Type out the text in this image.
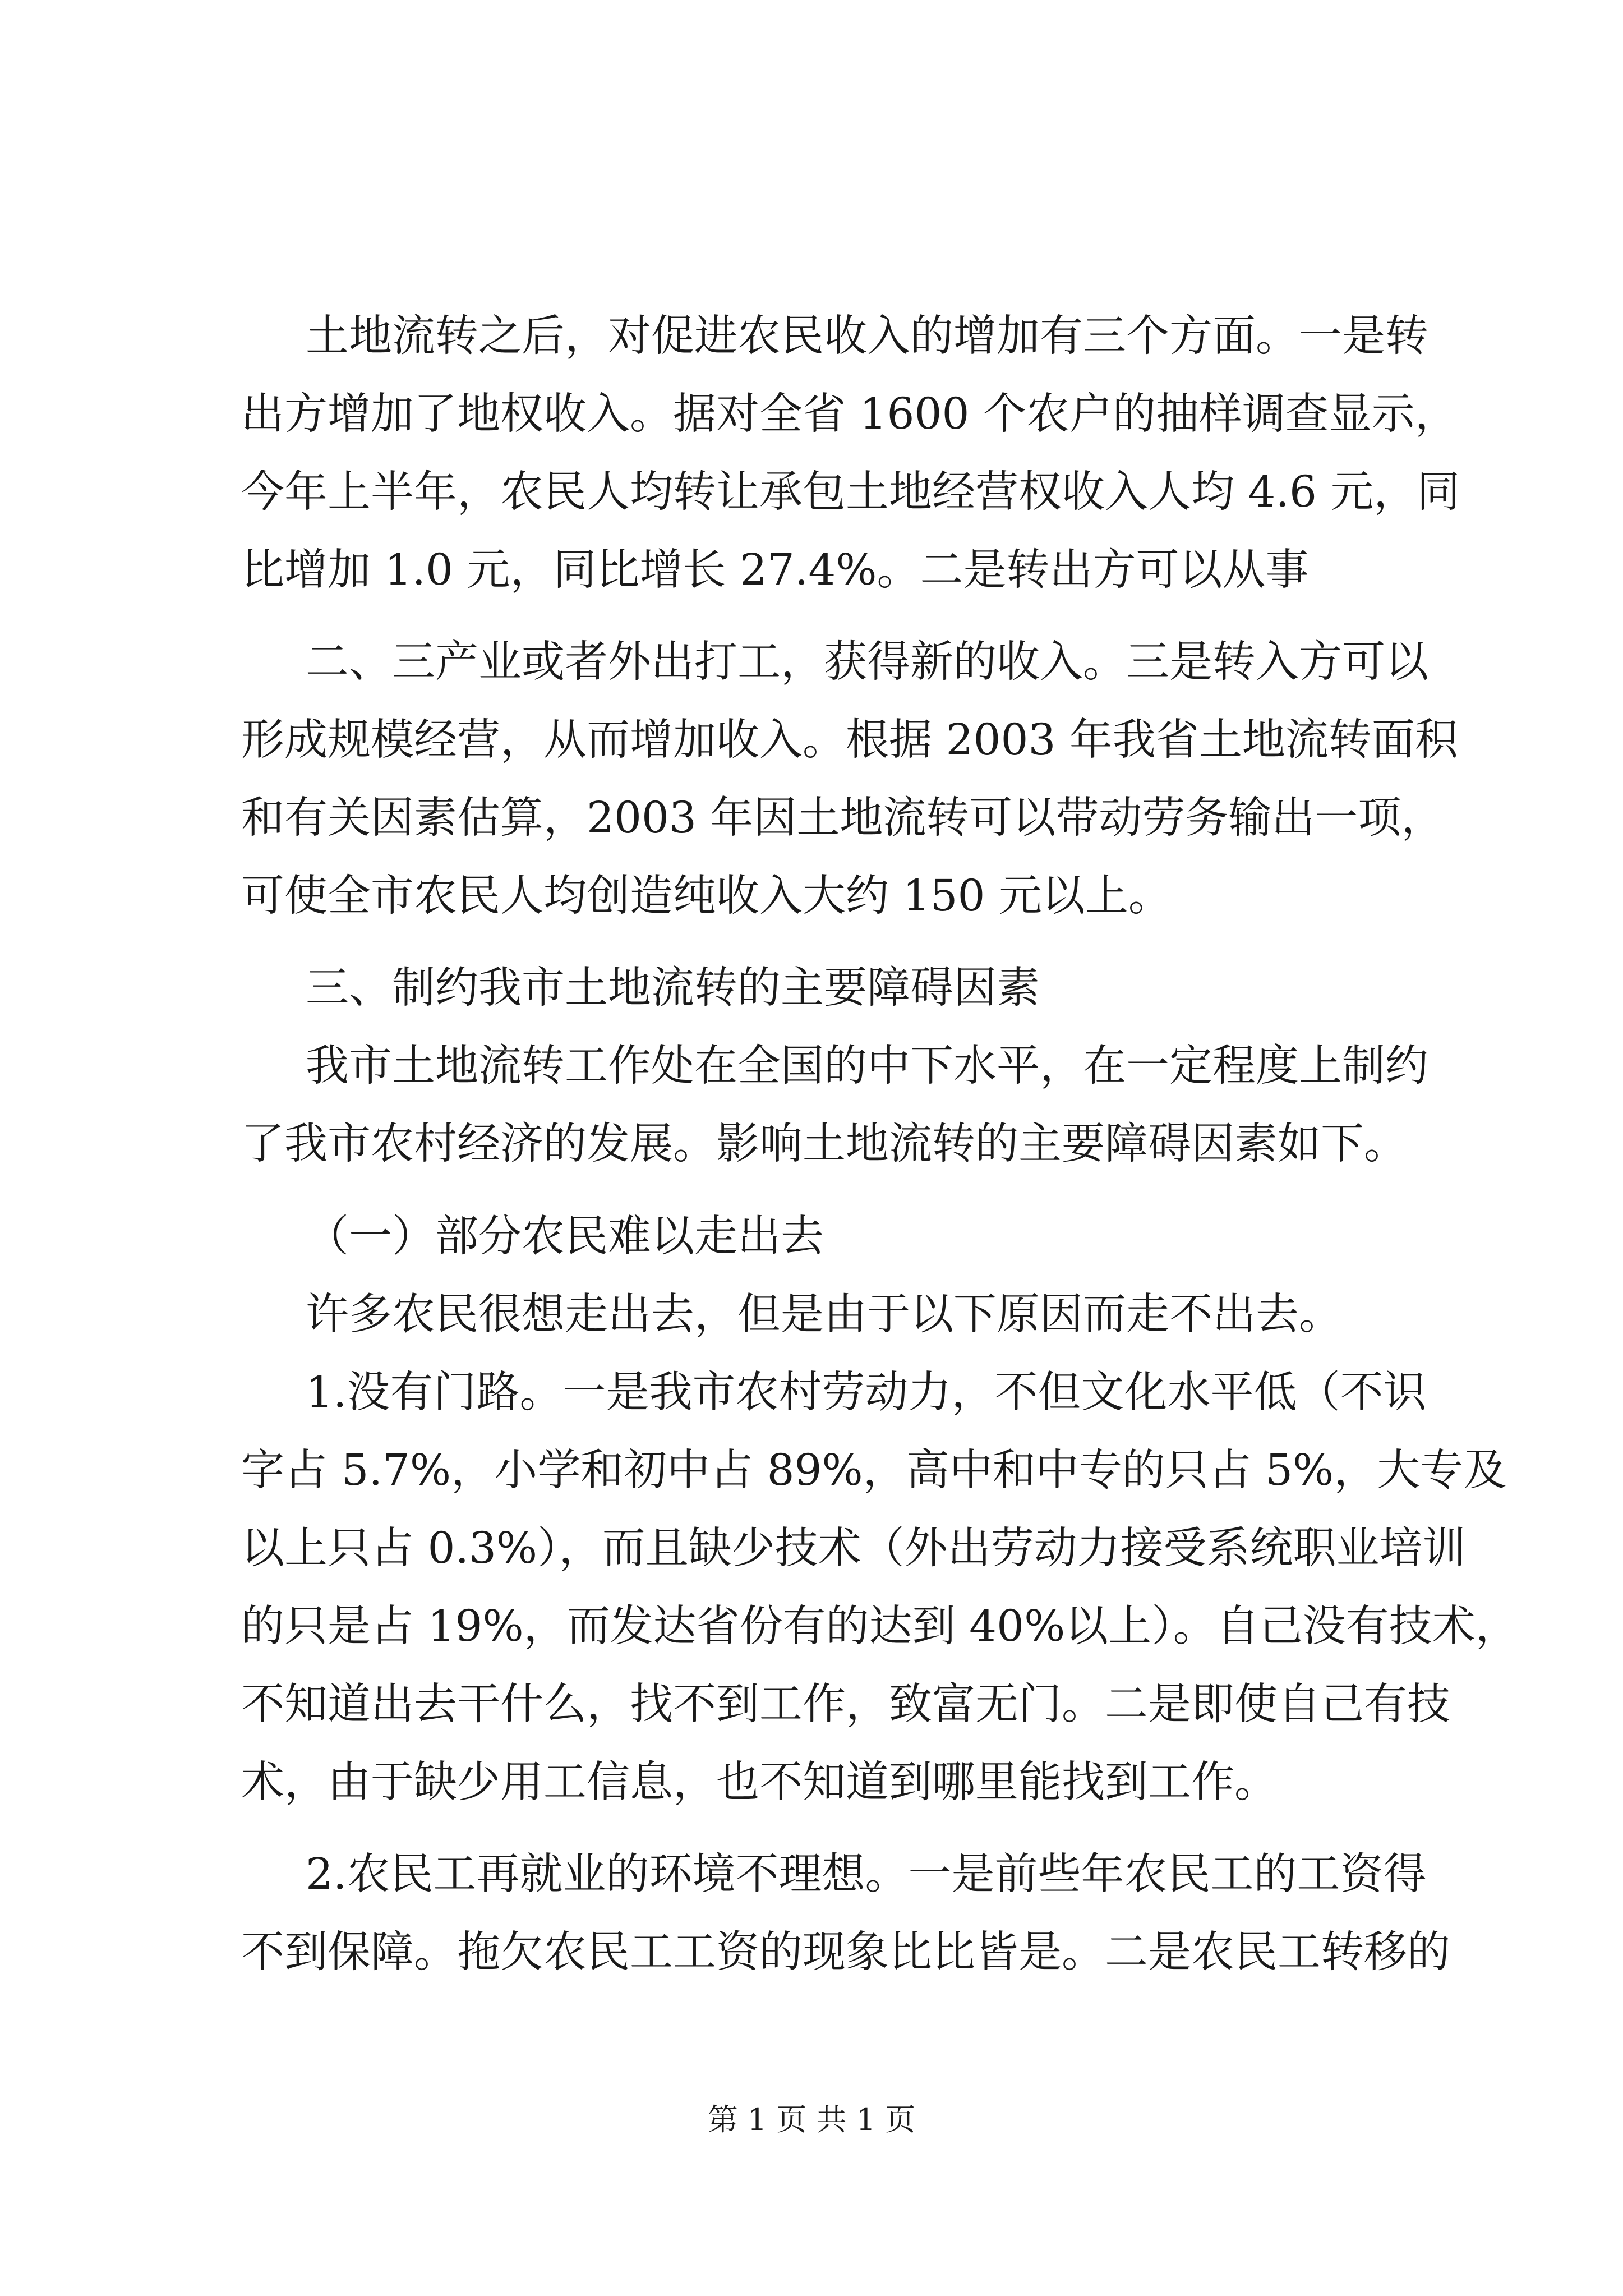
土地流转之后，对促进农民收入的增加有三个方面。一是转
出方增加了地权收入。据对全省 1600 个农户的抽样调查显示，
今年上半年，农民人均转让承包土地经营权收入人均 4.6 元，同
比增加 1.0 元，同比增长 27.4%。二是转出方可以从事
二、三产业或者外出打工，获得新的收入。三是转入方可以
形成规模经营，从而增加收入。根据 2003 年我省土地流转面积
和有关因素估算，2003 年因土地流转可以带动劳务输出一项，
可使全市农民人均创造纯收入大约 150 元以上。
三、制约我市土地流转的主要障碍因素
我市土地流转工作处在全国的中下水平，在一定程度上制约
了我市农村经济的发展。影响土地流转的主要障碍因素如下。
（一）部分农民难以走出去
许多农民很想走出去，但是由于以下原因而走不出去。
1.没有门路。一是我市农村劳动力，不但文化水平低（不识
字占 5.7%，小学和初中占 89%，高中和中专的只占 5%，大专及
以上只占 0.3%），而且缺少技术（外出劳动力接受系统职业培训
的只是占 19%，而发达省份有的达到 40%以上）。自己没有技术，
不知道出去干什么，找不到工作，致富无门。二是即使自己有技
术，由于缺少用工信息，也不知道到哪里能找到工作。
2.农民工再就业的环境不理想。一是前些年农民工的工资得
不到保障。拖欠农民工工资的现象比比皆是。二是农民工转移的
第 1 页 共 1 页
